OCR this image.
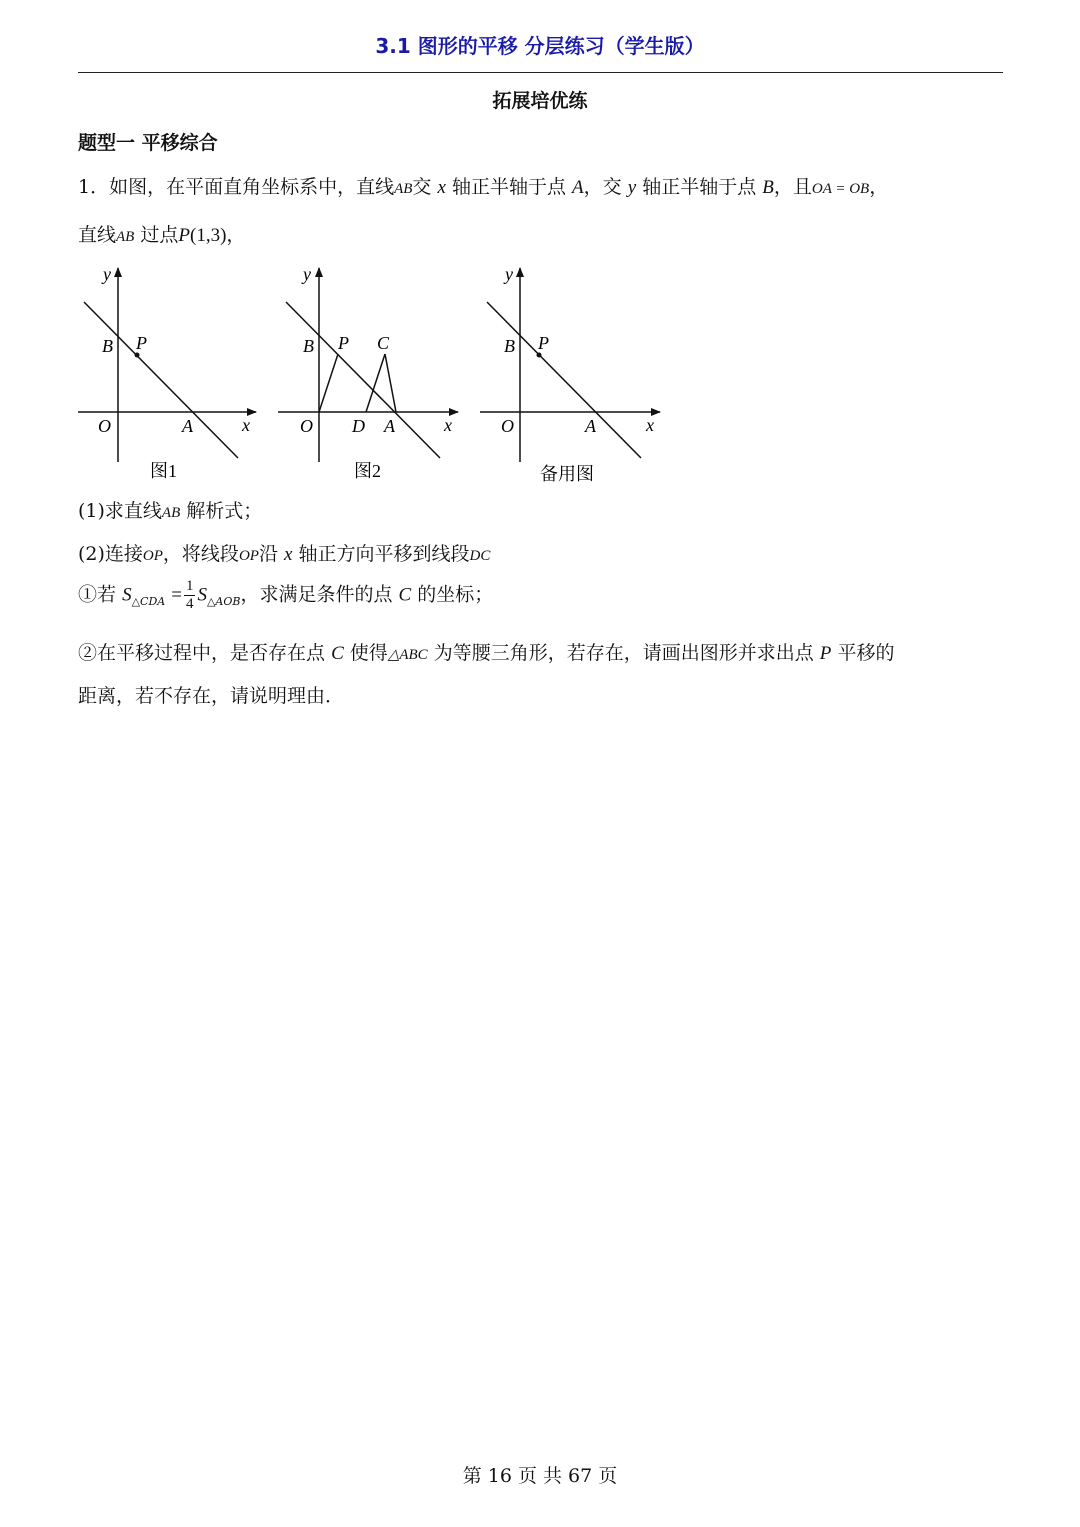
3.1 图形的平移 分层练习（学生版）
拓展培优练
题型一 平移综合
1．如图，在平面直角坐标系中，直线AB交 x 轴正半轴于点 A，交 y 轴正半轴于点 B，且OA = OB，
直线AB 过点P(1,3)，
y
x
O	A
B P
图1
y
x
O D A
B P C
图2
y
x
O	A
B P
备用图
(1)求直线AB 解析式；
(2)连接OP，将线段OP沿 x 轴正方向平移到线段DC
①若 $S_{\triangle CDA} = \frac{1}{4} S_{\triangle AOB}$，求满足条件的点 C 的坐标；
②在平移过程中，是否存在点 C 使得△ABC 为等腰三角形，若存在，请画出图形并求出点 P 平移的
距离，若不存在，请说明理由．
第 16 页 共 67 页
